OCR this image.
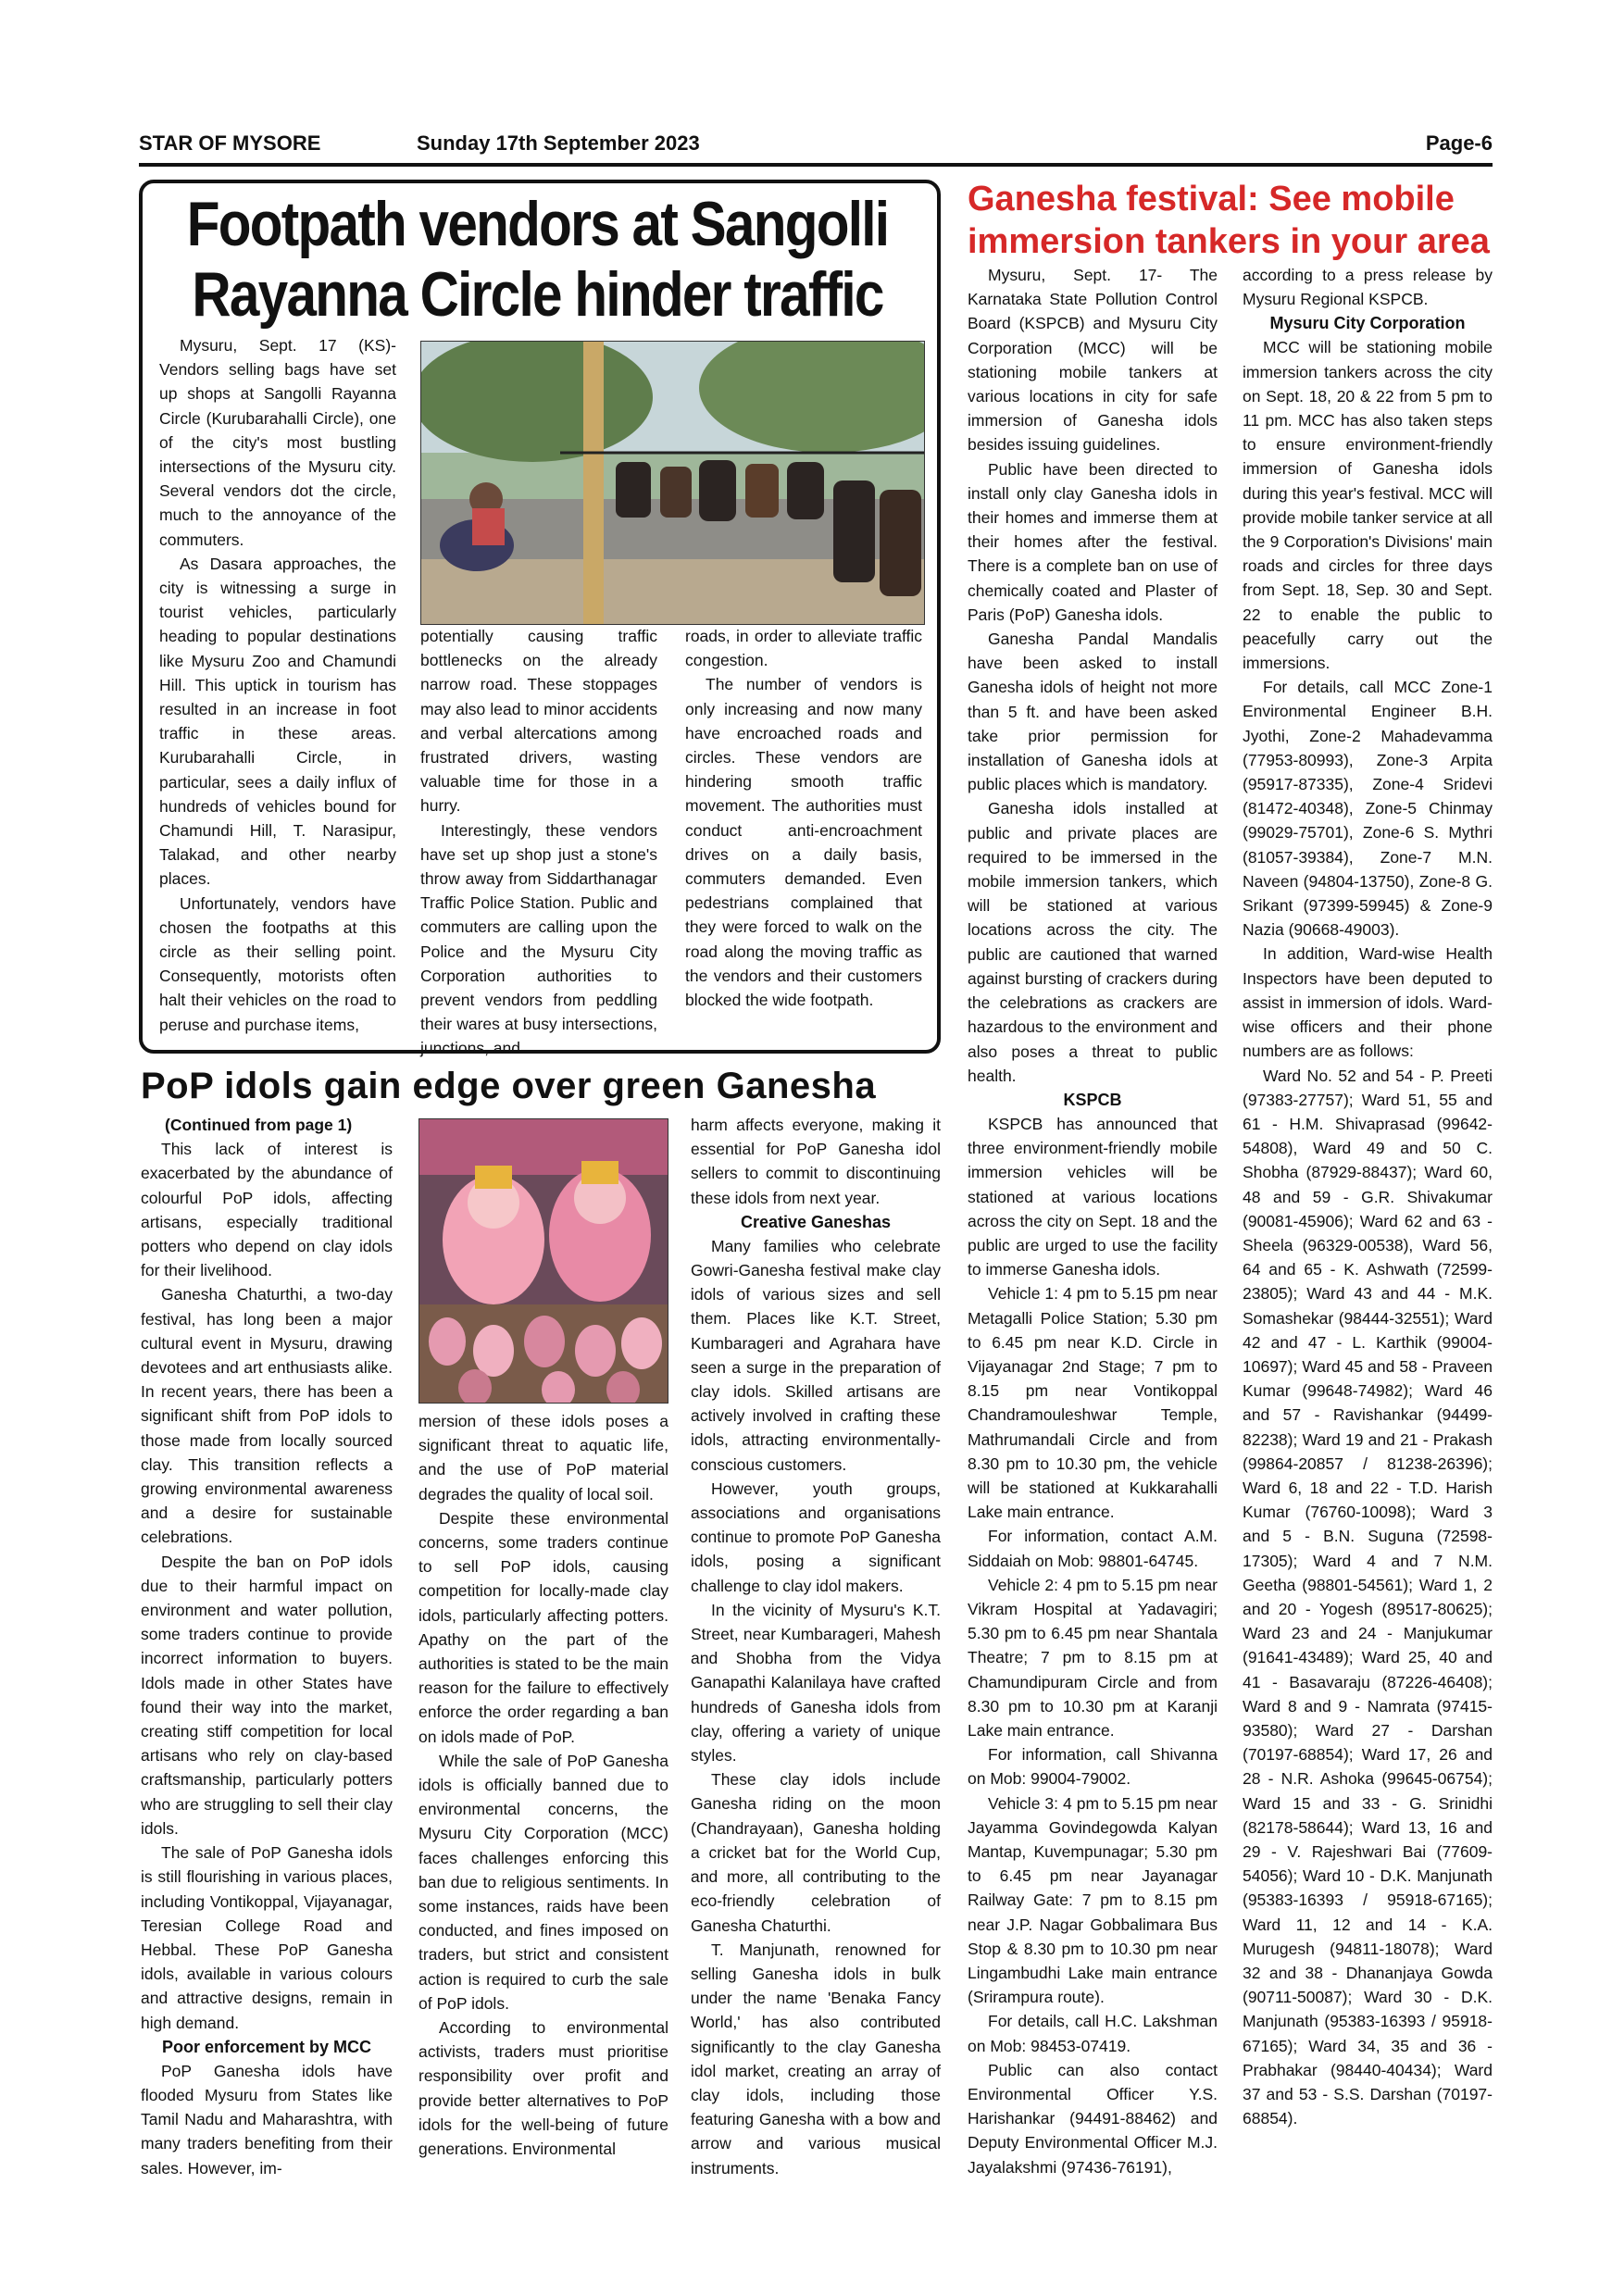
STAR OF MYSORE	Sunday 17th September 2023	Page-6
Footpath vendors at Sangolli
Rayanna Circle hinder traffic

Mysuru, Sept. 17 (KS)- Vendors selling bags have set up shops at Sangolli Rayanna Circle (Kurubarahalli Circle), one of the city's most bustling intersections of the Mysuru city. Several vendors dot the circle, much to the annoyance of the commuters.

As Dasara approaches, the city is witnessing a surge in tourist vehicles, particularly heading to popular destinations like Mysuru Zoo and Chamundi Hill. This uptick in tourism has resulted in an increase in foot traffic in these areas. Kurubarahalli Circle, in particular, sees a daily influx of hundreds of vehicles bound for Chamundi Hill, T. Narasipur, Talakad, and other nearby places.

Unfortunately, vendors have chosen the footpaths at this circle as their selling point. Consequently, motorists often halt their vehicles on the road to peruse and purchase items,

potentially causing traffic bottlenecks on the already narrow road. These stoppages may also lead to minor accidents and verbal altercations among frustrated drivers, wasting valuable time for those in a hurry.

Interestingly, these vendors have set up shop just a stone's throw away from Siddarthanagar Traffic Police Station. Public and commuters are calling upon the Police and the Mysuru City Corporation authorities to prevent vendors from peddling their wares at busy intersections, junctions, and

roads, in order to alleviate traffic congestion.

The number of vendors is only increasing and now many have encroached roads and circles. These vendors are hindering smooth traffic movement. The authorities must conduct anti-encroachment drives on a daily basis, commuters demanded. Even pedestrians complained that they were forced to walk on the road along the moving traffic as the vendors and their customers blocked the wide footpath.

PoP idols gain edge over green Ganesha

(Continued from page 1)

This lack of interest is exacerbated by the abundance of colourful PoP idols, affecting artisans, especially traditional potters who depend on clay idols for their livelihood.

Ganesha Chaturthi, a two-day festival, has long been a major cultural event in Mysuru, drawing devotees and art enthusiasts alike. In recent years, there has been a significant shift from PoP idols to those made from locally sourced clay. This transition reflects a growing environmental awareness and a desire for sustainable celebrations.

Despite the ban on PoP idols due to their harmful impact on environment and water pollution, some traders continue to provide incorrect information to buyers. Idols made in other States have found their way into the market, creating stiff competition for local artisans who rely on clay-based craftsmanship, particularly potters who are struggling to sell their clay idols.

The sale of PoP Ganesha idols is still flourishing in various places, including Vontikoppal, Vijayanagar, Teresian College Road and Hebbal. These PoP Ganesha idols, available in various colours and attractive designs, remain in high demand.

Poor enforcement by MCC

PoP Ganesha idols have flooded Mysuru from States like Tamil Nadu and Maharashtra, with many traders benefiting from their sales. However, im-

mersion of these idols poses a significant threat to aquatic life, and the use of PoP material degrades the quality of local soil.

Despite these environmental concerns, some traders continue to sell PoP idols, causing competition for locally-made clay idols, particularly affecting potters. Apathy on the part of the authorities is stated to be the main reason for the failure to effectively enforce the order regarding a ban on idols made of PoP.

While the sale of PoP Ganesha idols is officially banned due to environmental concerns, the Mysuru City Corporation (MCC) faces challenges enforcing this ban due to religious sentiments. In some instances, raids have been conducted, and fines imposed on traders, but strict and consistent action is required to curb the sale of PoP idols.

According to environmental activists, traders must prioritise responsibility over profit and provide better alternatives to PoP idols for the well-being of future generations. Environmental

harm affects everyone, making it essential for PoP Ganesha idol sellers to commit to discontinuing these idols from next year.

Creative Ganeshas

Many families who celebrate Gowri-Ganesha festival make clay idols of various sizes and sell them. Places like K.T. Street, Kumbarageri and Agrahara have seen a surge in the preparation of clay idols. Skilled artisans are actively involved in crafting these idols, attracting environmentally-conscious customers.

However, youth groups, associations and organisations continue to promote PoP Ganesha idols, posing a significant challenge to clay idol makers.

In the vicinity of Mysuru's K.T. Street, near Kumbarageri, Mahesh and Shobha from the Vidya Ganapathi Kalanilaya have crafted hundreds of Ganesha idols from clay, offering a variety of unique styles.

These clay idols include Ganesha riding on the moon (Chandrayaan), Ganesha holding a cricket bat for the World Cup, and more, all contributing to the eco-friendly celebration of Ganesha Chaturthi.

T. Manjunath, renowned for selling Ganesha idols in bulk under the name 'Benaka Fancy World,' has also contributed significantly to the clay Ganesha idol market, creating an array of clay idols, including those featuring Ganesha with a bow and arrow and various musical instruments.

Ganesha festival: See mobile
immersion tankers in your area

Mysuru, Sept. 17- The Karnataka State Pollution Control Board (KSPCB) and Mysuru City Corporation (MCC) will be stationing mobile tankers at various locations in city for safe immersion of Ganesha idols besides issuing guidelines.

Public have been directed to install only clay Ganesha idols in their homes and immerse them at their homes after the festival. There is a complete ban on use of chemically coated and Plaster of Paris (PoP) Ganesha idols.

Ganesha Pandal Mandalis have been asked to install Ganesha idols of height not more than 5 ft. and have been asked take prior permission for installation of Ganesha idols at public places which is mandatory.

Ganesha idols installed at public and private places are required to be immersed in the mobile immersion tankers, which will be stationed at various locations across the city. The public are cautioned that warned against bursting of crackers during the celebrations as crackers are hazardous to the environment and also poses a threat to public health.

KSPCB

KSPCB has announced that three environment-friendly mobile immersion vehicles will be stationed at various locations across the city on Sept. 18 and the public are urged to use the facility to immerse Ganesha idols.

Vehicle 1: 4 pm to 5.15 pm near Metagalli Police Station; 5.30 pm to 6.45 pm near K.D. Circle in Vijayanagar 2nd Stage; 7 pm to 8.15 pm near Vontikoppal Chandramouleshwar Temple, Mathrumandali Circle and from 8.30 pm to 10.30 pm, the vehicle will be stationed at Kukkarahalli Lake main entrance.

For information, contact A.M. Siddaiah on Mob: 98801-64745.

Vehicle 2: 4 pm to 5.15 pm near Vikram Hospital at Yadavagiri; 5.30 pm to 6.45 pm near Shantala Theatre; 7 pm to 8.15 pm at Chamundipuram Circle and from 8.30 pm to 10.30 pm at Karanji Lake main entrance.

For information, call Shivanna on Mob: 99004-79002.

Vehicle 3: 4 pm to 5.15 pm near Jayamma Govindegowda Kalyan Mantap, Kuvempunagar; 5.30 pm to 6.45 pm near Jayanagar Railway Gate: 7 pm to 8.15 pm near J.P. Nagar Gobbalimara Bus Stop & 8.30 pm to 10.30 pm near Lingambudhi Lake main entrance (Srirampura route).

For details, call H.C. Lakshman on Mob: 98453-07419.

Public can also contact Environmental Officer Y.S. Harishankar (94491-88462) and Deputy Environmental Officer M.J. Jayalakshmi (97436-76191),

according to a press release by Mysuru Regional KSPCB.

Mysuru City Corporation

MCC will be stationing mobile immersion tankers across the city on Sept. 18, 20 & 22 from 5 pm to 11 pm. MCC has also taken steps to ensure environment-friendly immersion of Ganesha idols during this year's festival. MCC will provide mobile tanker service at all the 9 Corporation's Divisions' main roads and circles for three days from Sept. 18, Sep. 30 and Sept. 22 to enable the public to peacefully carry out the immersions.

For details, call MCC Zone-1 Environmental Engineer B.H. Jyothi, Zone-2 Mahadevamma (77953-80993), Zone-3 Arpita (95917-87335), Zone-4 Sridevi (81472-40348), Zone-5 Chinmay (99029-75701), Zone-6 S. Mythri (81057-39384), Zone-7 M.N. Naveen (94804-13750), Zone-8 G. Srikant (97399-59945) & Zone-9 Nazia (90668-49003).

In addition, Ward-wise Health Inspectors have been deputed to assist in immersion of idols. Ward-wise officers and their phone numbers are as follows:

Ward No. 52 and 54 - P. Preeti (97383-27757); Ward 51, 55 and 61 - H.M. Shivaprasad (99642-54808), Ward 49 and 50 C. Shobha (87929-88437); Ward 60, 48 and 59 - G.R. Shivakumar (90081-45906); Ward 62 and 63 - Sheela (96329-00538), Ward 56, 64 and 65 - K. Ashwath (72599-23805); Ward 43 and 44 - M.K. Somashekar (98444-32551); Ward 42 and 47 - L. Karthik (99004-10697); Ward 45 and 58 - Praveen Kumar (99648-74982); Ward 46 and 57 - Ravishankar (94499-82238); Ward 19 and 21 - Prakash (99864-20857 / 81238-26396); Ward 6, 18 and 22 - T.D. Harish Kumar (76760-10098); Ward 3 and 5 - B.N. Suguna (72598-17305); Ward 4 and 7 N.M. Geetha (98801-54561); Ward 1, 2 and 20 - Yogesh (89517-80625); Ward 23 and 24 - Manjukumar (91641-43489); Ward 25, 40 and 41 - Basavaraju (87226-46408); Ward 8 and 9 - Namrata (97415-93580); Ward 27 - Darshan (70197-68854); Ward 17, 26 and 28 - N.R. Ashoka (99645-06754); Ward 15 and 33 - G. Srinidhi (82178-58644); Ward 13, 16 and 29 - V. Rajeshwari Bai (77609-54056); Ward 10 - D.K. Manjunath (95383-16393 / 95918-67165); Ward 11, 12 and 14 - K.A. Murugesh (94811-18078); Ward 32 and 38 - Dhananjaya Gowda (90711-50087); Ward 30 - D.K. Manjunath (95383-16393 / 95918-67165); Ward 34, 35 and 36 - Prabhakar (98440-40434); Ward 37 and 53 - S.S. Darshan (70197-68854).
